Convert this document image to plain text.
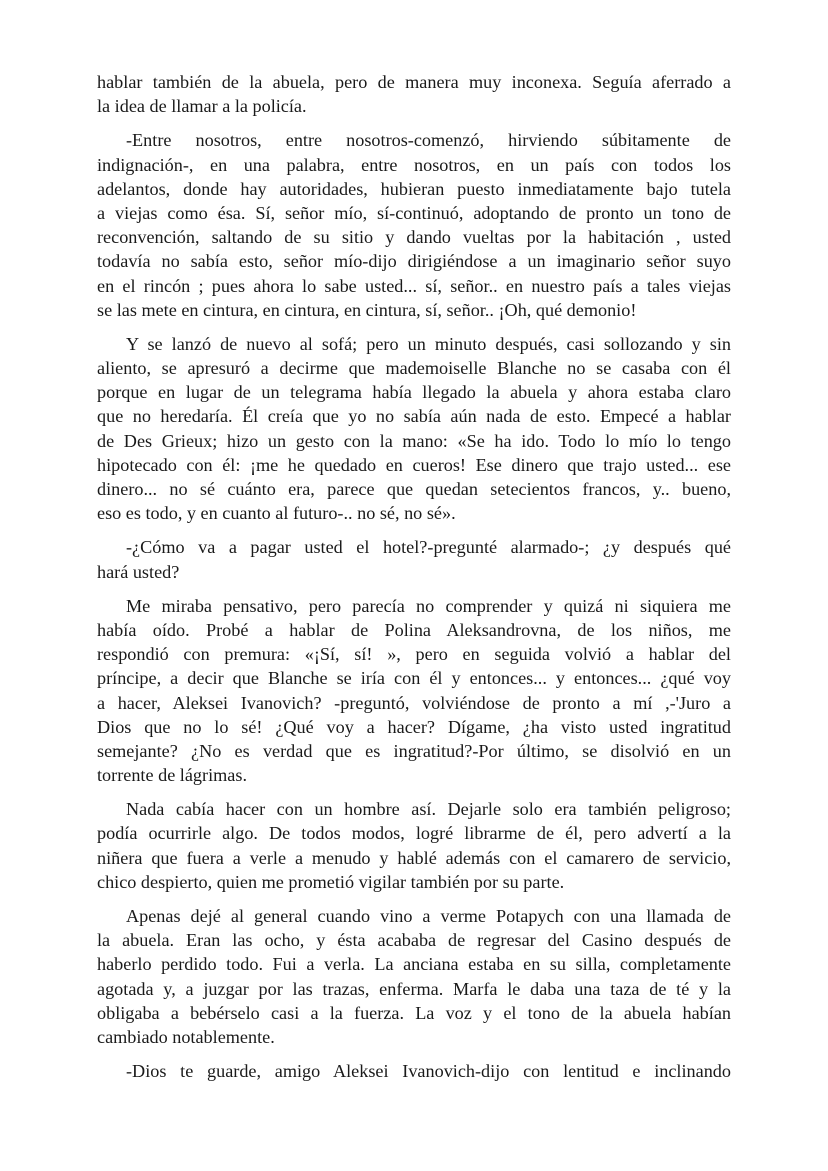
hablar también de la abuela, pero de manera muy inconexa. Seguía aferrado a
la idea de llamar a la policía.
-Entre nosotros, entre nosotros-comenzó, hirviendo súbitamente de
indignación-, en una palabra, entre nosotros, en un país con todos los
adelantos, donde hay autoridades, hubieran puesto inmediatamente bajo tutela
a viejas como ésa. Sí, señor mío, sí-continuó, adoptando de pronto un tono de
reconvención, saltando de su sitio y dando vueltas por la habitación , usted
todavía no sabía esto, señor mío-dijo dirigiéndose a un imaginario señor suyo
en el rincón ; pues ahora lo sabe usted... sí, señor.. en nuestro país a tales viejas
se las mete en cintura, en cintura, en cintura, sí, señor.. ¡Oh, qué demonio!
Y se lanzó de nuevo al sofá; pero un minuto después, casi sollozando y sin
aliento, se apresuró a decirme que mademoiselle Blanche no se casaba con él
porque en lugar de un telegrama había llegado la abuela y ahora estaba claro
que no heredaría. Él creía que yo no sabía aún nada de esto. Empecé a hablar
de Des Grieux; hizo un gesto con la mano: «Se ha ido. Todo lo mío lo tengo
hipotecado con él: ¡me he quedado en cueros! Ese dinero que trajo usted... ese
dinero... no sé cuánto era, parece que quedan setecientos francos, y.. bueno,
eso es todo, y en cuanto al futuro-.. no sé, no sé».
-¿Cómo va a pagar usted el hotel?-pregunté alarmado-; ¿y después qué
hará usted?
Me miraba pensativo, pero parecía no comprender y quizá ni siquiera me
había oído. Probé a hablar de Polina Aleksandrovna, de los niños, me
respondió con premura: «¡Sí, sí! », pero en seguida volvió a hablar del
príncipe, a decir que Blanche se iría con él y entonces... y entonces... ¿qué voy
a hacer, Aleksei Ivanovich? -preguntó, volviéndose de pronto a mí ,-'Juro a
Dios que no lo sé! ¿Qué voy a hacer? Dígame, ¿ha visto usted ingratitud
semejante? ¿No es verdad que es ingratitud?-Por último, se disolvió en un
torrente de lágrimas.
Nada cabía hacer con un hombre así. Dejarle solo era también peligroso;
podía ocurrirle algo. De todos modos, logré librarme de él, pero advertí a la
niñera que fuera a verle a menudo y hablé además con el camarero de servicio,
chico despierto, quien me prometió vigilar también por su parte.
Apenas dejé al general cuando vino a verme Potapych con una llamada de
la abuela. Eran las ocho, y ésta acababa de regresar del Casino después de
haberlo perdido todo. Fui a verla. La anciana estaba en su silla, completamente
agotada y, a juzgar por las trazas, enferma. Marfa le daba una taza de té y la
obligaba a bebérselo casi a la fuerza. La voz y el tono de la abuela habían
cambiado notablemente.
-Dios te guarde, amigo Aleksei Ivanovich-dijo con lentitud e inclinando
